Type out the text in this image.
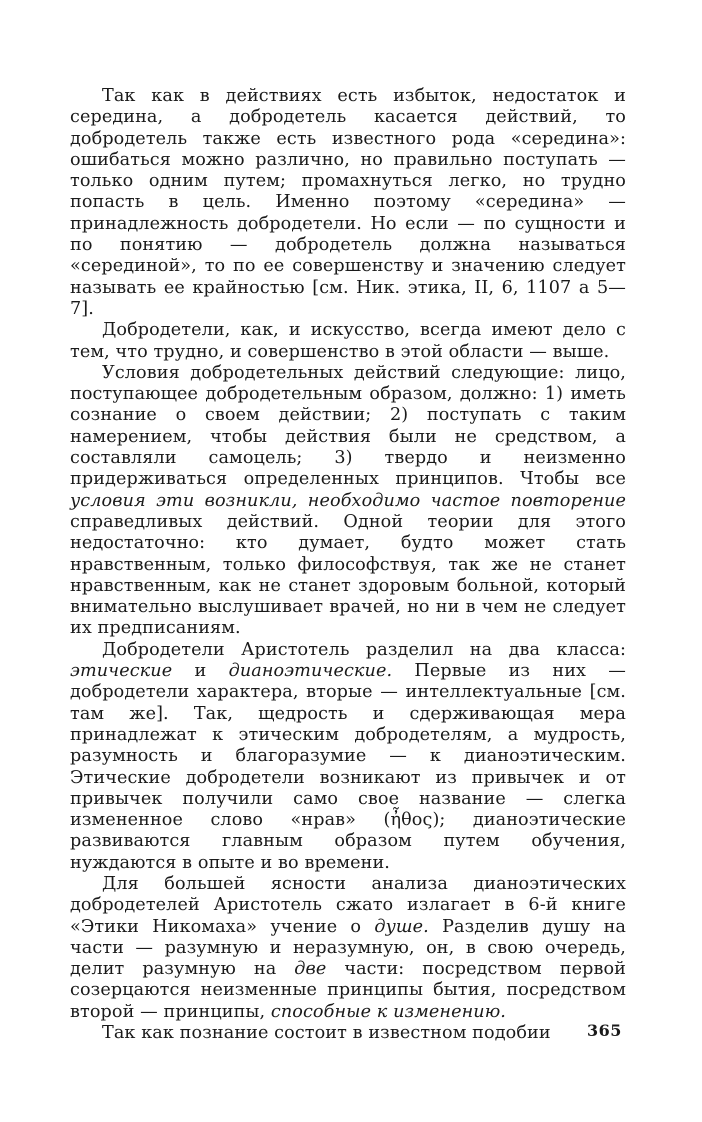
Так как в действиях есть избыток, недостаток и середина, а добродетель касается действий, то добродетель также есть известного рода «середина»: ошибаться можно различно, но правильно поступать — только одним путем; промахнуться легко, но трудно попасть в цель. Именно поэтому «середина» — принадлежность добродетели. Но если — по сущности и по понятию — добродетель должна называться «серединой», то по ее совершенству и значению следует называть ее крайностью [см. Ник. этика, II, 6, 1107 а 5—7].

Добродетели, как, и искусство, всегда имеют дело с тем, что трудно, и совершенство в этой области — выше.

Условия добродетельных действий следующие: лицо, поступающее добродетельным образом, должно: 1) иметь сознание о своем действии; 2) поступать с таким намерением, чтобы действия были не средством, а составляли самоцель; 3) твердо и неизменно придерживаться определенных принципов. Чтобы все условия эти возникли, необходимо частое повторение справедливых действий. Одной теории для этого недостаточно: кто думает, будто может стать нравственным, только философствуя, так же не станет нравственным, как не станет здоровым больной, который внимательно выслушивает врачей, но ни в чем не следует их предписаниям.

Добродетели Аристотель разделил на два класса: этические и дианоэтические. Первые из них — добродетели характера, вторые — интеллектуальные [см. там же]. Так, щедрость и сдерживающая мера принадлежат к этическим добродетелям, а мудрость, разумность и благоразумие — к дианоэтическим. Этические добродетели возникают из привычек и от привычек получили само свое название — слегка измененное слово «нрав» (ἦθος); дианоэтические развиваются главным образом путем обучения, нуждаются в опыте и во времени.

Для большей ясности анализа дианоэтических добродетелей Аристотель сжато излагает в 6-й книге «Этики Никомаха» учение о душе. Разделив душу на части — разумную и неразумную, он, в свою очередь, делит разумную на две части: посредством первой созерцаются неизменные принципы бытия, посредством второй — принципы, способные к изменению.

Так как познание состоит в известном подобии	365
